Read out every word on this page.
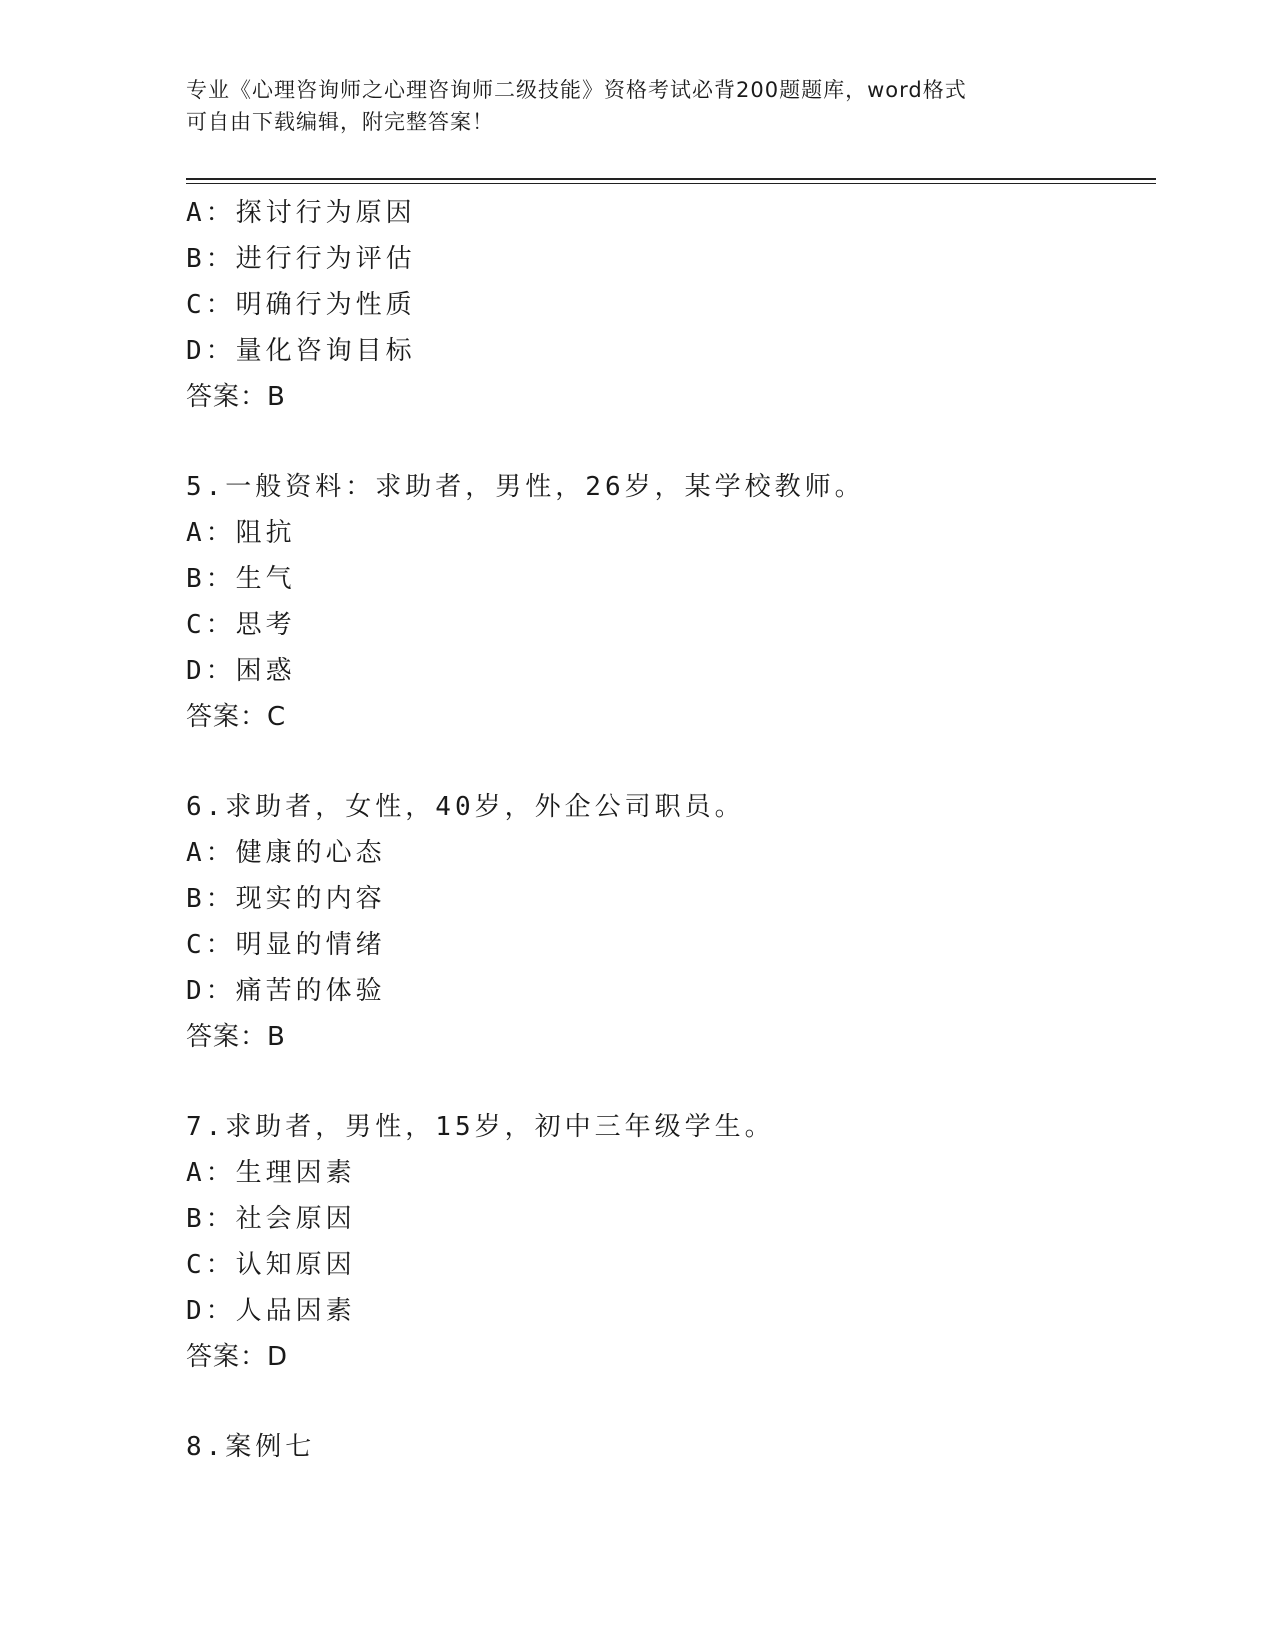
专业《心理咨询师之心理咨询师二级技能》资格考试必背200题题库，word格式
可自由下载编辑，附完整答案！
A：探讨行为原因
B：进行行为评估
C：明确行为性质
D：量化咨询目标
答案：B
5.一般资料：求助者，男性，26岁，某学校教师。
A：阻抗
B：生气
C：思考
D：困惑
答案：C
6.求助者，女性，40岁，外企公司职员。
A：健康的心态
B：现实的内容
C：明显的情绪
D：痛苦的体验
答案：B
7.求助者，男性，15岁，初中三年级学生。
A：生理因素
B：社会原因
C：认知原因
D：人品因素
答案：D
8.案例七
